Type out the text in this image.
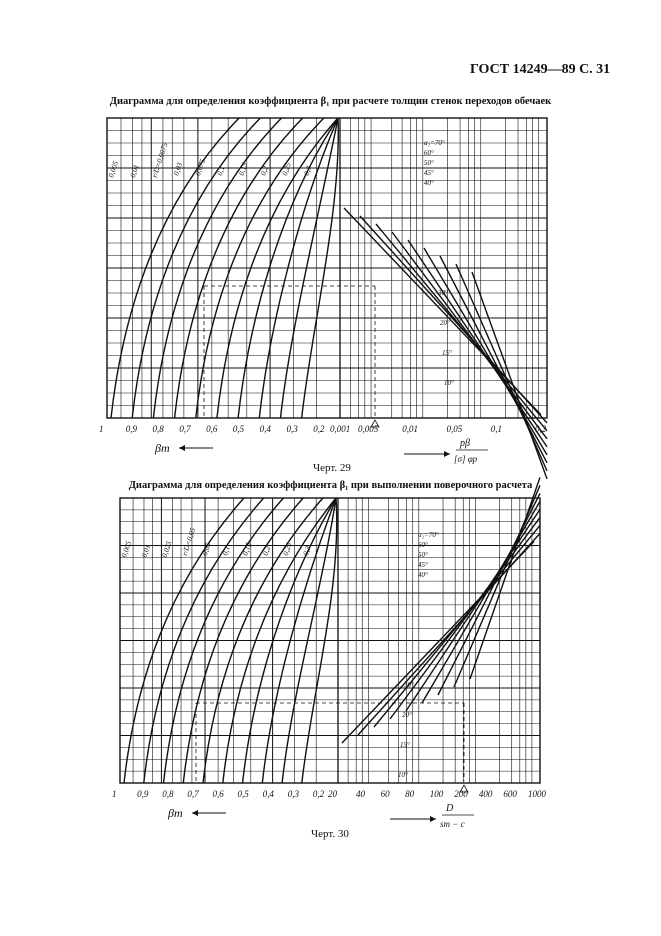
ГОСТ 14249—89 С. 31
Диаграмма для определения коэффициента β₁ при расчете толщин стенок переходов обечаек
Черт. 29
Диаграмма для определения коэффициента β₁ при выполнении поверочного расчета
Черт. 30
0,005 0,01 r/D=0,0075 0,03 0,075 0,1 0,15 0,2 0,25 0,3
α₁=70°
60°
50°
45°
40°
30°
20°
15°
10°
1 0,9 0,8 0,7 0,6 0,5 0,4 0,3 0,2 0,001 0,005	0,01	0,05	0,1	0,2
βт	pβ
[σ] φр
0,005 0,01 0,025 r/D=0,05 0,05 0,1 0,15 0,2 0,25 0,3
α₁=70°
60°
50°
45°
40°
30°
20°
15°
10°
1 0,9 0,8 0,7 0,6 0,5 0,4 0,3 0,2 20 40 60 80 100 200 400 600 1000
βт	D
sт − c
